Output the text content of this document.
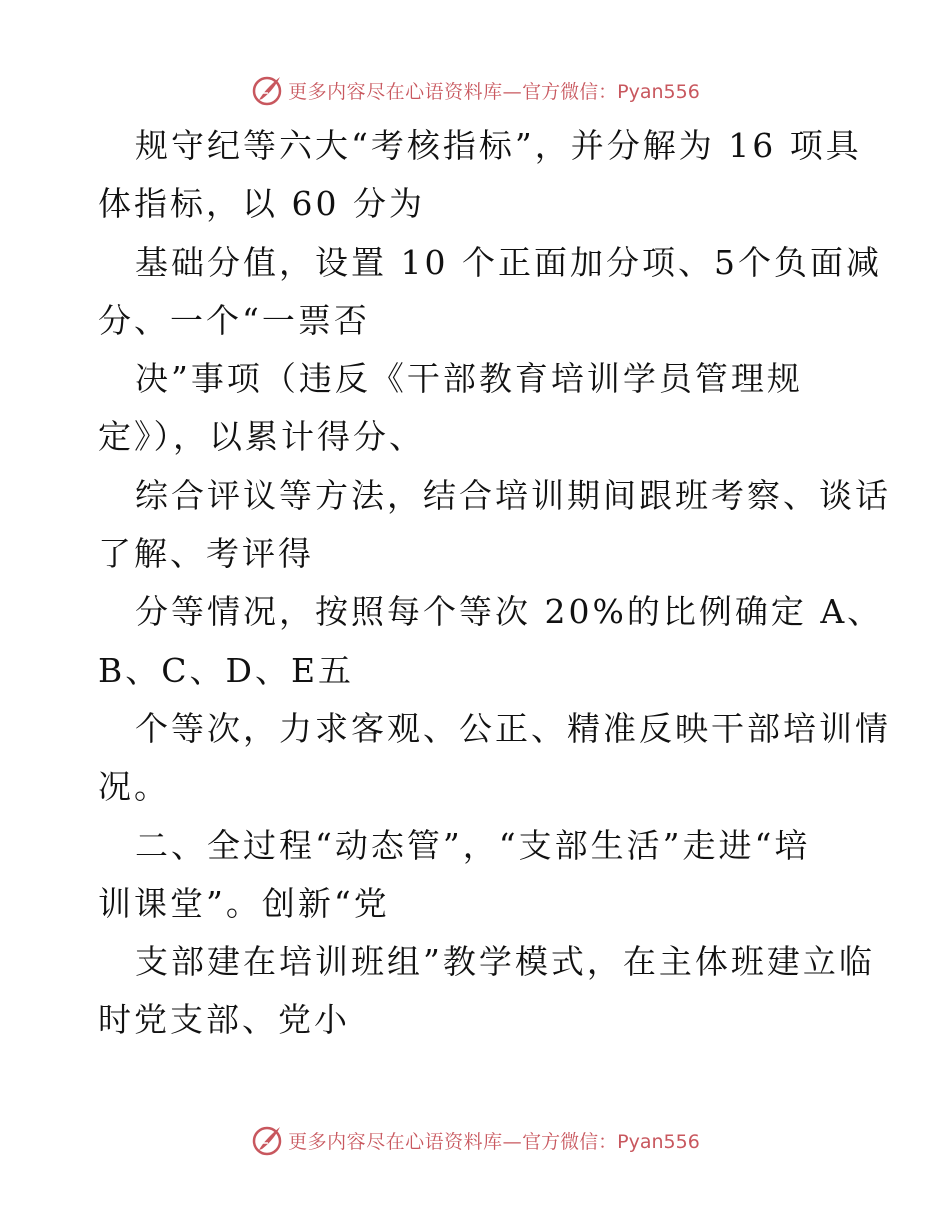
更多内容尽在心语资料库— 官方微信：Pyan556
规守纪等六大“考核指标”，并分解为 16 项具
体指标，以 60 分为
基础分值，设置 10 个正面加分项、5个负面减
分、一个“一票否
决”事项（违反《干部教育培训学员管理规
定》），以累计得分、
综合评议等方法，结合培训期间跟班考察、谈话
了解、考评得
分等情况，按照每个等次 20%的比例确定 A、
B、C、D、E五
个等次，力求客观、公正、精准反映干部培训情
况。
二、全过程“动态管”，“支部生活”走进“培
训课堂”。创新“党
支部建在培训班组”教学模式，在主体班建立临
时党支部、党小
更多内容尽在心语资料库— 官方微信：Pyan556
